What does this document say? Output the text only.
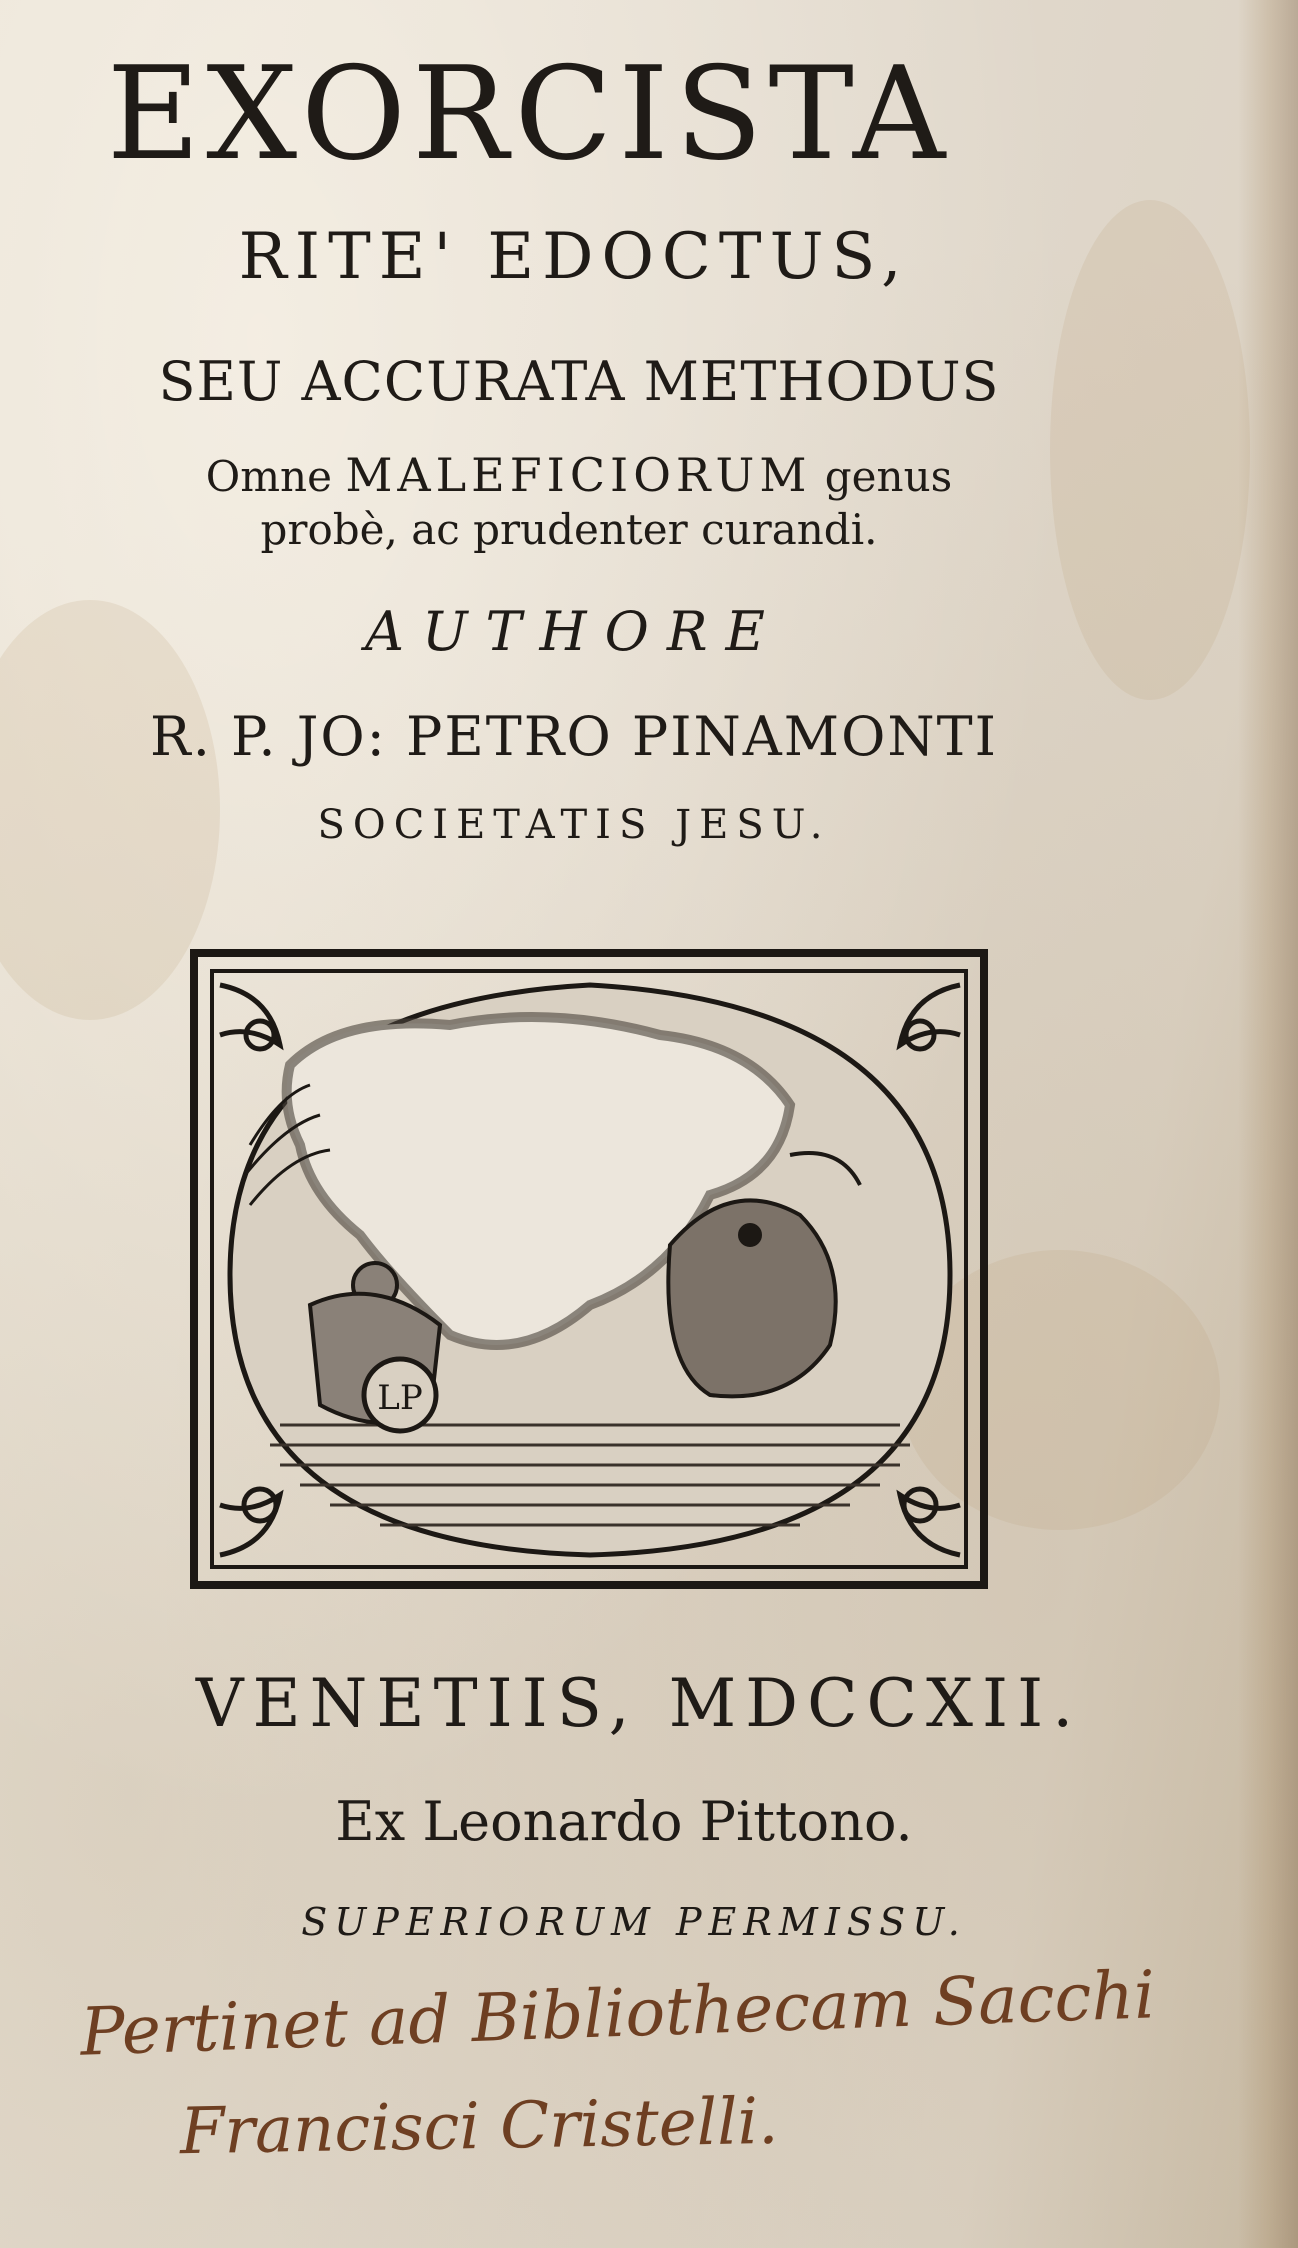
EXORCISTA
RITE' EDOCTUS,
SEU ACCURATA METHODUS
Omne MALEFICIORUM genus
probè, ac prudenter curandi.
AUTHORE
R. P. JO: PETRO PINAMONTI
SOCIETATIS JESU.
LP
VENETIIS, MDCCXII.
Ex Leonardo Pittono.
SUPERIORUM PERMISSU.
Pertinet ad Bibliothecam Sacchi
Francisci Cristelli.
